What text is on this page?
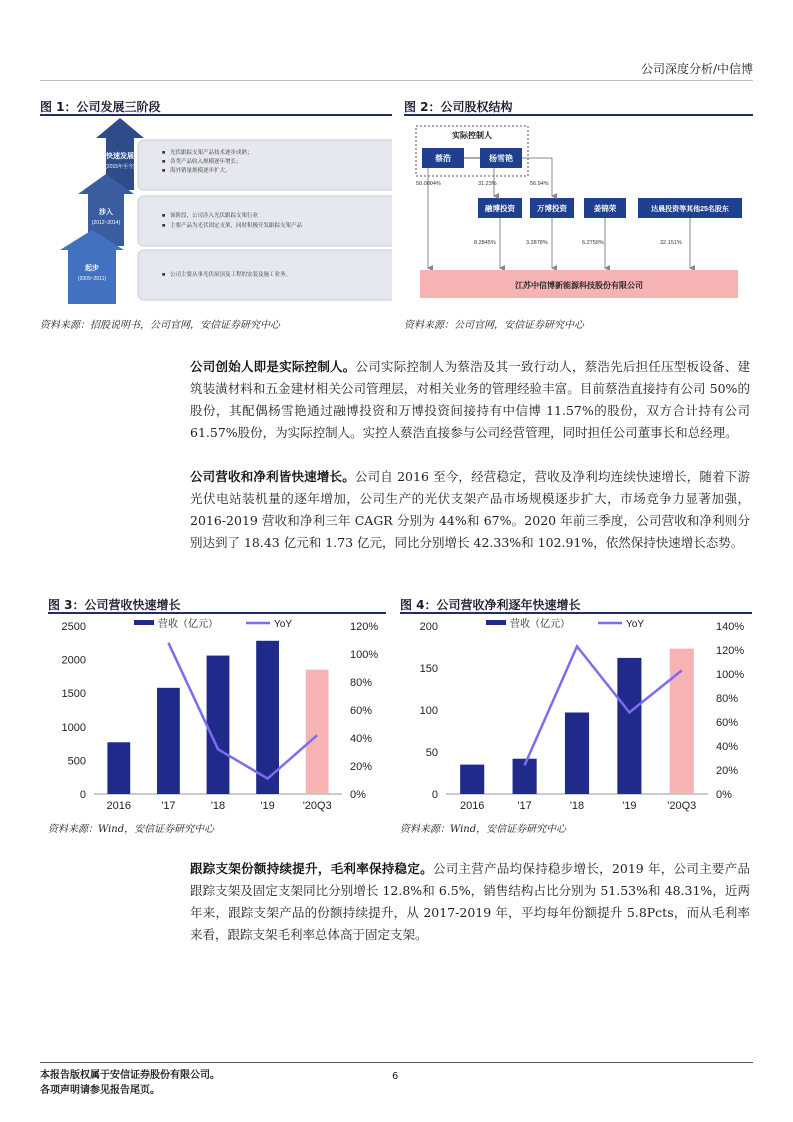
公司深度分析/中信博
图 1：公司发展三阶段
快速发展
(2015年至今)
涉入
(2012~2014)
起步
(2009~2011)
光伏跟踪支架产品技术逐步成熟；
各类产品收入规模逐年增长；
海外销量规模逐步扩大。
■
■
■
该阶段，公司涉入光伏跟踪支架行业
主要产品为光伏固定支架，同时积极开发跟踪支架产品
■
■
公司主要从事光伏屋顶及工程的安装及施工业务。
■
资料来源：招股说明书，公司官网，安信证券研究中心
图 2：公司股权结构
实际控制人
蔡浩	杨雪艳
融博投资	万博投资	姜锦荣	达晨投资等其他25名股东
50.0004%	31.23%	56.94%
8.2845%	3.2878%	6.2759%	32.151%
江苏中信博新能源科技股份有限公司
资料来源：公司官网，安信证券研究中心
公司创始人即是实际控制人。公司实际控制人为蔡浩及其一致行动人，蔡浩先后担任压型板设备、建筑装潢材料和五金建材相关公司管理层，对相关业务的管理经验丰富。目前蔡浩直接持有公司 50%的股份，其配偶杨雪艳通过融博投资和万博投资间接持有中信博 11.57%的股份，双方合计持有公司 61.57%股份，为实际控制人。实控人蔡浩直接参与公司经营管理，同时担任公司董事长和总经理。
公司营收和净利皆快速增长。公司自 2016 至今，经营稳定，营收及净利均连续快速增长，随着下游光伏电站装机量的逐年增加，公司生产的光伏支架产品市场规模逐步扩大，市场竞争力显著加强，2016-2019 营收和净利三年 CAGR 分别为 44%和 67%。2020 年前三季度，公司营收和净利则分别达到了 18.43 亿元和 1.73 亿元，同比分别增长 42.33%和 102.91%，依然保持快速增长态势。
图 3：公司营收快速增长
0
500
1000
1500
2000
2500
0%
20%
40%
60%
80%
100%
120%
2016	'17	'18	'19	'20Q3
营收（亿元）	YoY
资料来源：Wind，安信证券研究中心
图 4：公司营收净利逐年快速增长
0
50
100
150
200
0%
20%
40%
60%
80%
100%
120%
140%
2016	'17	'18	'19	'20Q3
营收（亿元）	YoY
资料来源：Wind，安信证券研究中心
跟踪支架份额持续提升，毛利率保持稳定。公司主营产品均保持稳步增长，2019 年，公司主要产品跟踪支架及固定支架同比分别增长 12.8%和 6.5%，销售结构占比分别为 51.53%和 48.31%，近两年来，跟踪支架产品的份额持续提升，从 2017-2019 年，平均每年份额提升 5.8Pcts，而从毛利率来看，跟踪支架毛利率总体高于固定支架。
本报告版权属于安信证券股份有限公司。
各项声明请参见报告尾页。
6
